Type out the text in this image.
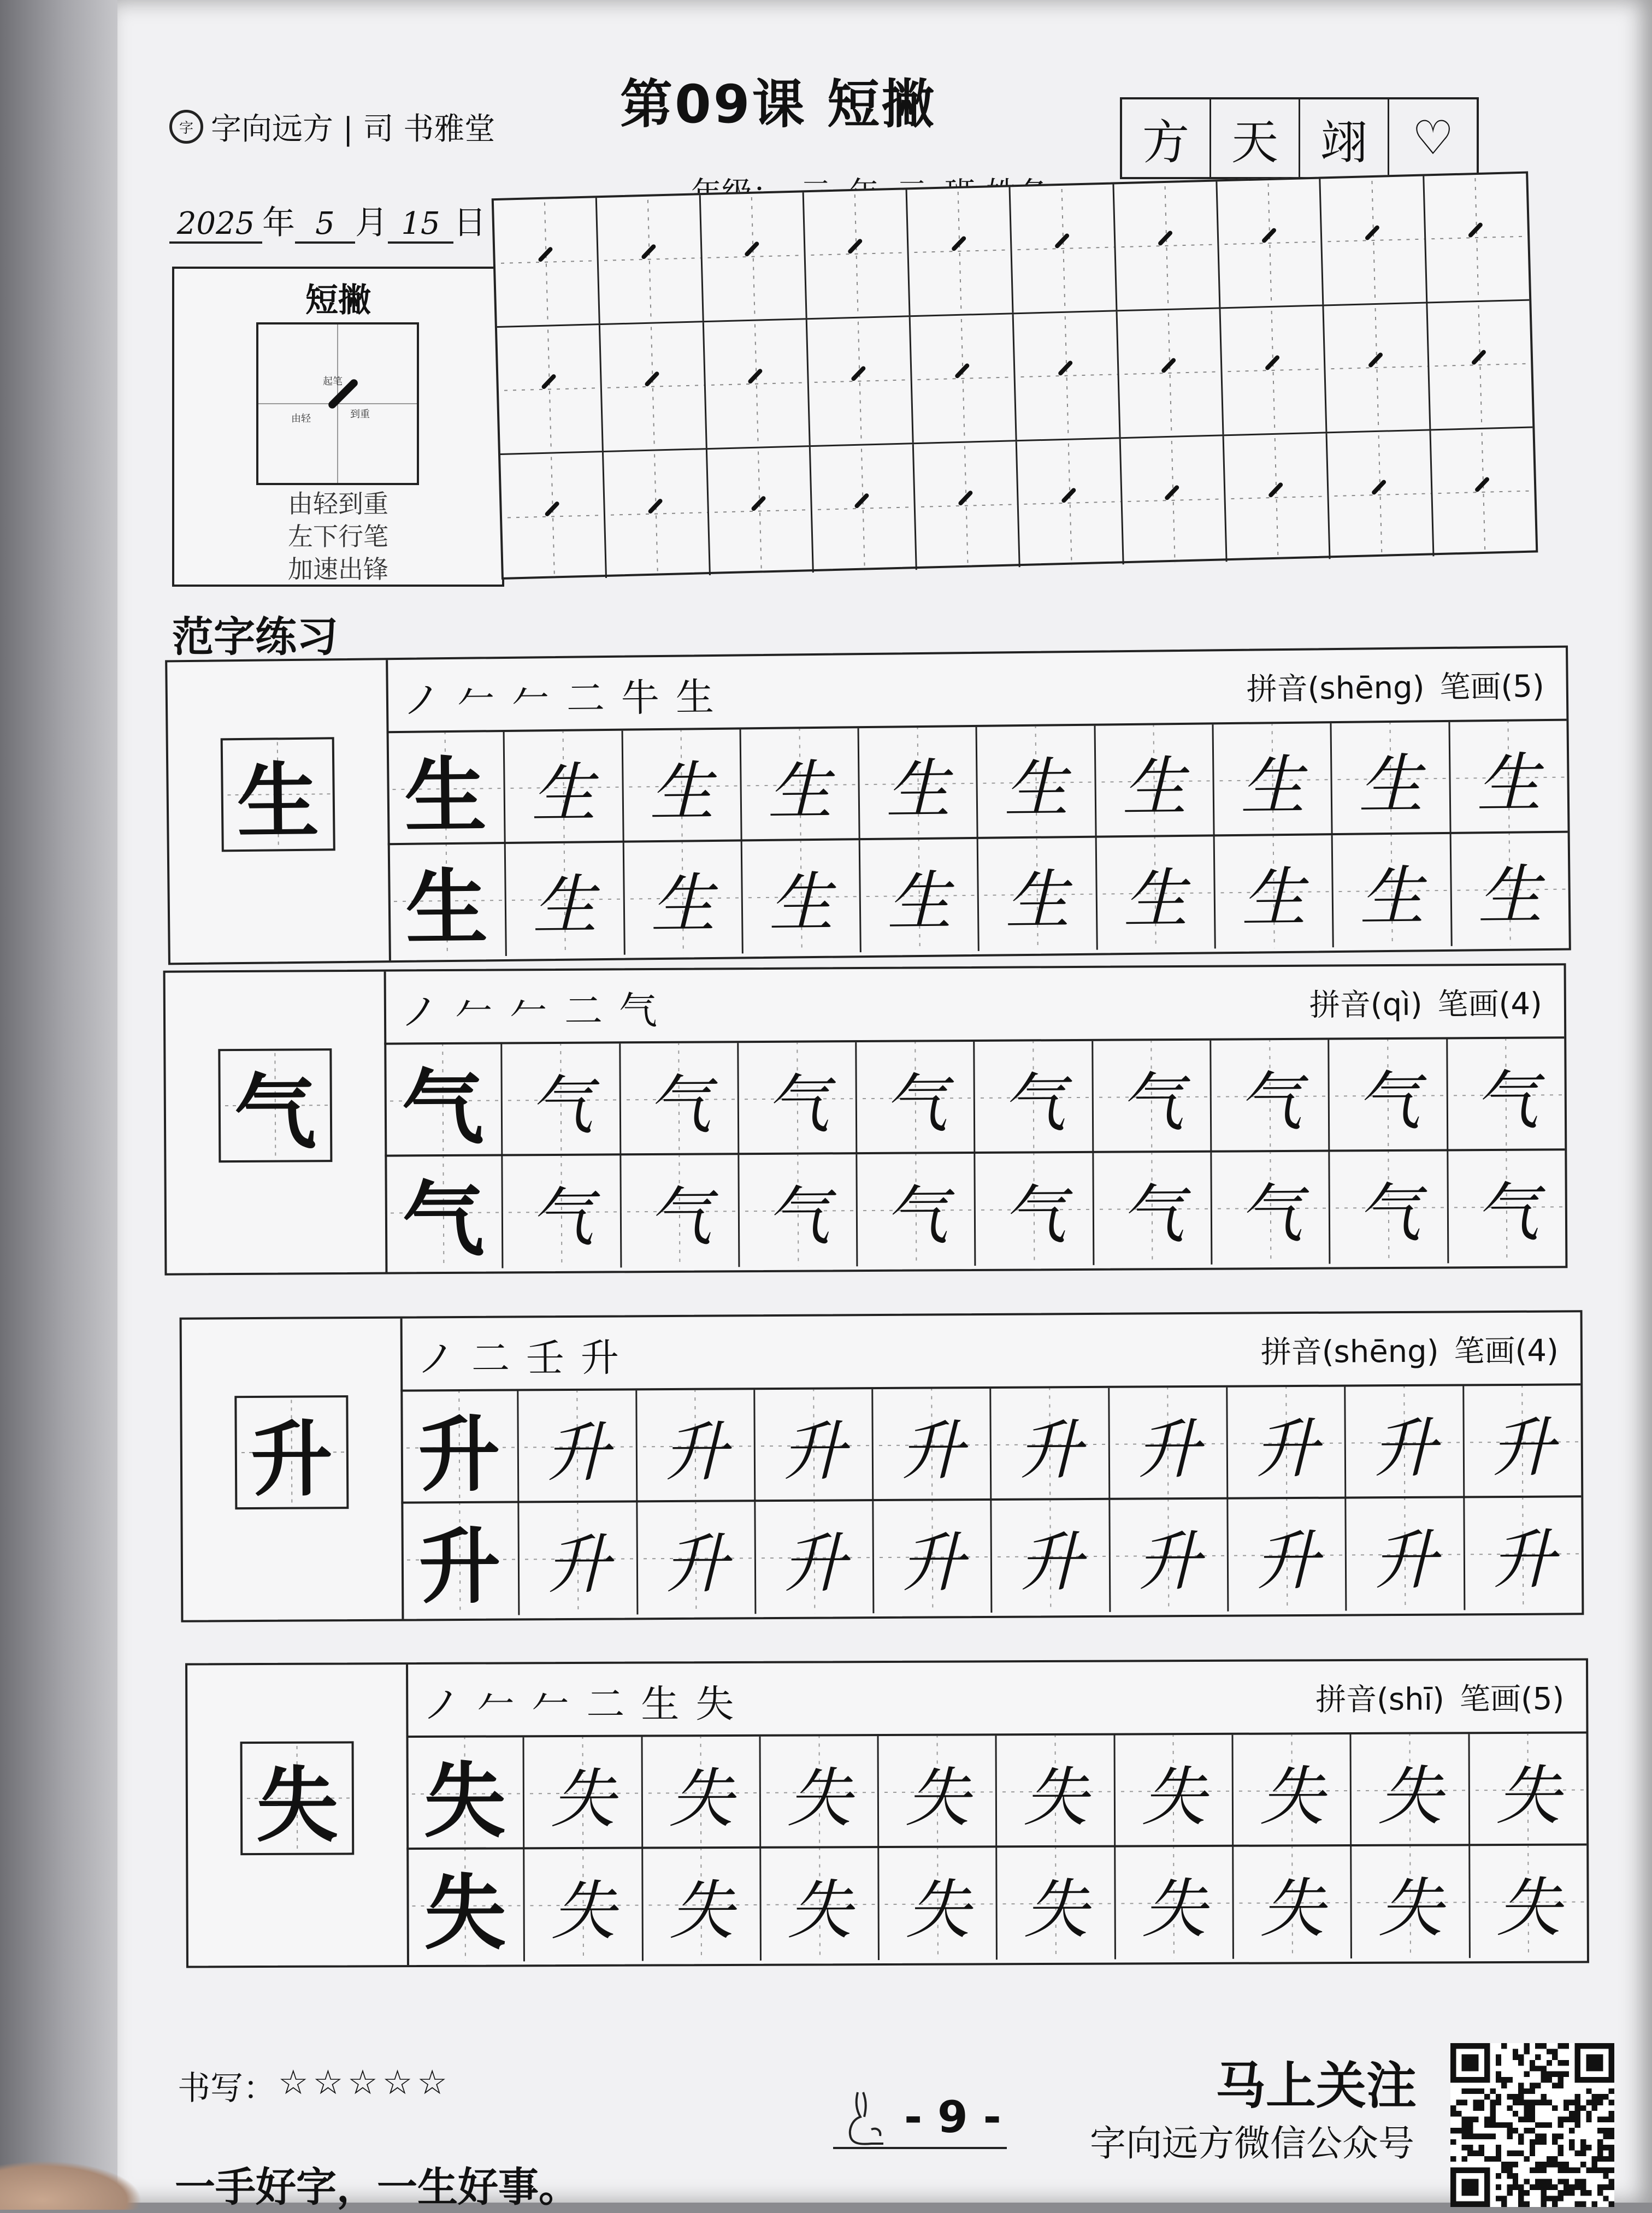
字 字向远方 | 司 书雅堂 第09课 短撇
方 天 翊 ♡
2025 年 5 月 15 日
短撇
起笔
由轻	到重
由轻到重
左下行笔
加速出锋
范字练习
生
ノ𠂉𠂉二牛生	拼音(shēng) 笔画(5)
生 生 生 生 生 生 生 生 生 生
生 生 生 生 生 生 生 生 生 生
气
ノ𠂉𠂉二气	拼音(qì) 笔画(4)
气 气 气 气 气 气 气 气 气 气
气 气 气 气 气 气 气 气 气 气
升
ノ二壬升	拼音(shēng) 笔画(4)
升 升 升 升 升 升 升 升 升 升
升 升 升 升 升 升 升 升 升 升
失
ノ𠂉𠂉二生失	拼音(shī) 笔画(5)
失 失 失 失 失 失 失 失 失 失
失 失 失 失 失 失 失 失 失 失
书写： ☆☆☆☆☆
- 9 -
一手好字，一生好事。
马上关注
字向远方微信公众号
